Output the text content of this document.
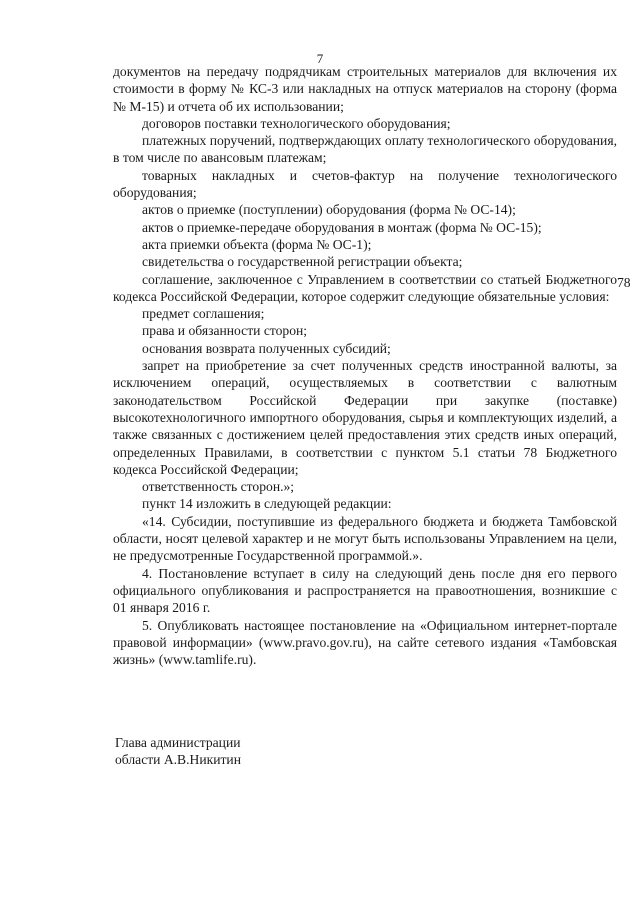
7

документов на передачу подрядчикам строительных материалов для включения их стоимости в форму № КС-3 или накладных на отпуск материалов на сторону (форма № М-15) и отчета об их использовании;

договоров поставки технологического оборудования;

платежных поручений, подтверждающих оплату технологического оборудования, в том числе по авансовым платежам;

товарных накладных и счетов-фактур на получение технологического оборудования;

актов о приемке (поступлении) оборудования (форма № ОС-14);

актов о приемке-передаче оборудования в монтаж (форма № ОС-15);

акта приемки объекта (форма № ОС-1);

свидетельства о государственной регистрации объекта;

соглашение, заключенное с Управлением в соответствии со статьей Бюджетного кодекса Российской Федерации, которое содержит следующие обязательные условия:

предмет соглашения;

права и обязанности сторон;

основания возврата полученных субсидий;

запрет на приобретение за счет полученных средств иностранной валюты, за исключением операций, осуществляемых в соответствии с валютным законодательством Российской Федерации при закупке (поставке) высокотехнологичного импортного оборудования, сырья и комплектующих изделий, а также связанных с достижением целей предоставления этих средств иных операций, определенных Правилами, в соответствии с пунктом 5.1 статьи 78 Бюджетного кодекса Российской Федерации;

ответственность сторон.»;

пункт 14 изложить в следующей редакции:

«14. Субсидии, поступившие из федерального бюджета и бюджета Тамбовской области, носят целевой характер и не могут быть использованы Управлением на цели, не предусмотренные Государственной программой.».

4. Постановление вступает в силу на следующий день после дня его первого официального опубликования и распространяется на правоотношения, возникшие с 01 января 2016 г.

5. Опубликовать настоящее постановление на «Официальном интернет-портале правовой информации» (www.pravo.gov.ru), на сайте сетевого издания «Тамбовская жизнь» (www.tamlife.ru).

Глава администрации
области А.В.Никитин
78
